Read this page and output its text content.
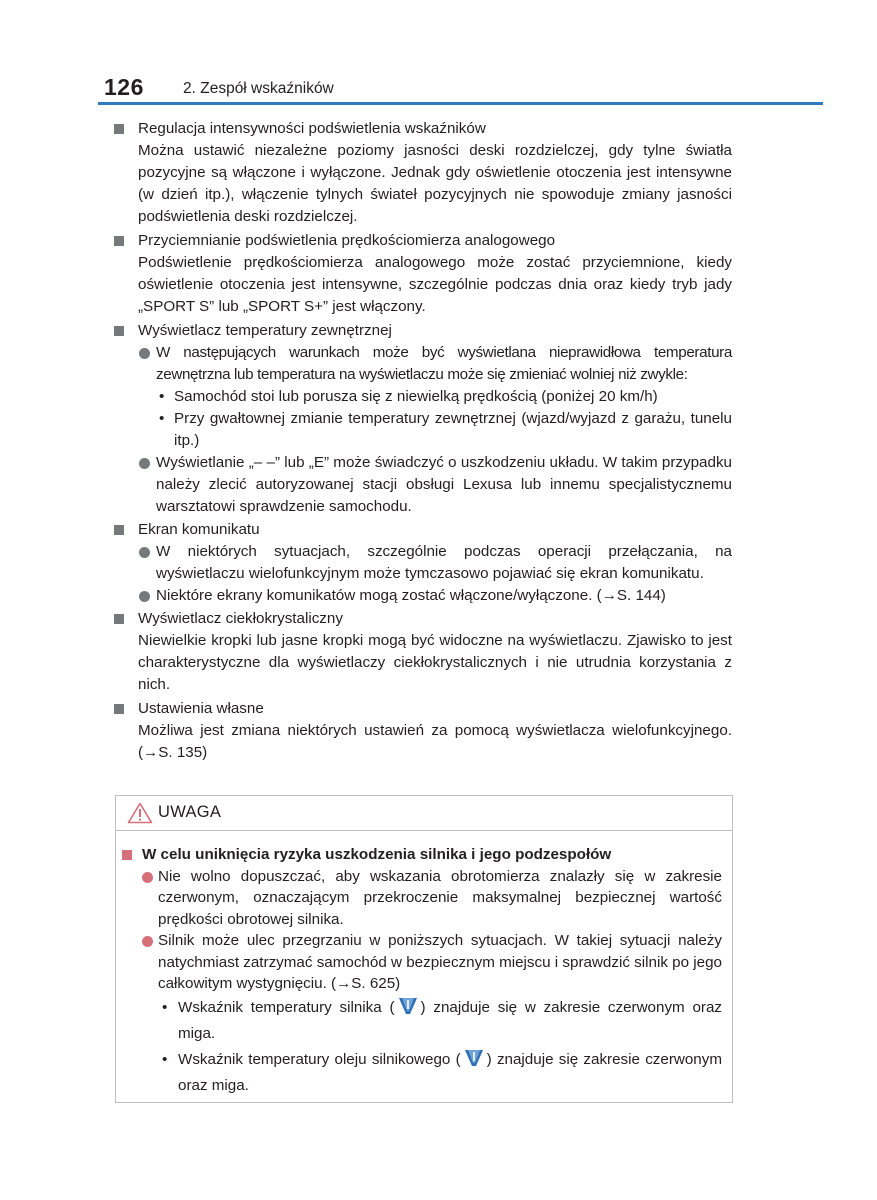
126	2. Zespół wskaźników
Regulacja intensywności podświetlenia wskaźników
Można ustawić niezależne poziomy jasności deski rozdzielczej, gdy tylne światła pozycyjne są włączone i wyłączone. Jednak gdy oświetlenie otoczenia jest intensywne (w dzień itp.), włączenie tylnych świateł pozycyjnych nie spowoduje zmiany jasności podświetlenia deski rozdzielczej.
Przyciemnianie podświetlenia prędkościomierza analogowego
Podświetlenie prędkościomierza analogowego może zostać przyciemnione, kiedy oświetlenie otoczenia jest intensywne, szczególnie podczas dnia oraz kiedy tryb jady „SPORT S” lub „SPORT S+” jest włączony.
Wyświetlacz temperatury zewnętrznej
W następujących warunkach może być wyświetlana nieprawidłowa temperatura zewnętrzna lub temperatura na wyświetlaczu może się zmieniać wolniej niż zwykle:
• Samochód stoi lub porusza się z niewielką prędkością (poniżej 20 km/h)
• Przy gwałtownej zmianie temperatury zewnętrznej (wjazd/wyjazd z garażu, tunelu itp.)
Wyświetlanie „– –” lub „E” może świadczyć o uszkodzeniu układu. W takim przypadku należy zlecić autoryzowanej stacji obsługi Lexusa lub innemu specjalistycznemu warsztatowi sprawdzenie samochodu.
Ekran komunikatu
W niektórych sytuacjach, szczególnie podczas operacji przełączania, na wyświetlaczu wielofunkcyjnym może tymczasowo pojawiać się ekran komunikatu.
Niektóre ekrany komunikatów mogą zostać włączone/wyłączone. (→S. 144)
Wyświetlacz ciekłokrystaliczny
Niewielkie kropki lub jasne kropki mogą być widoczne na wyświetlaczu. Zjawisko to jest charakterystyczne dla wyświetlaczy ciekłokrystalicznych i nie utrudnia korzystania z nich.
Ustawienia własne
Możliwa jest zmiana niektórych ustawień za pomocą wyświetlacza wielofunkcyjnego. (→S. 135)
UWAGA
W celu uniknięcia ryzyka uszkodzenia silnika i jego podzespołów
Nie wolno dopuszczać, aby wskazania obrotomierza znalazły się w zakresie czerwonym, oznaczającym przekroczenie maksymalnej bezpiecznej wartość prędkości obrotowej silnika.
Silnik może ulec przegrzaniu w poniższych sytuacjach. W takiej sytuacji należy natychmiast zatrzymać samochód w bezpiecznym miejscu i sprawdzić silnik po jego całkowitym wystygnięciu. (→S. 625)
• Wskaźnik temperatury silnika ( ) znajduje się w zakresie czerwonym oraz miga.
• Wskaźnik temperatury oleju silnikowego ( ) znajduje się zakresie czerwonym oraz miga.
